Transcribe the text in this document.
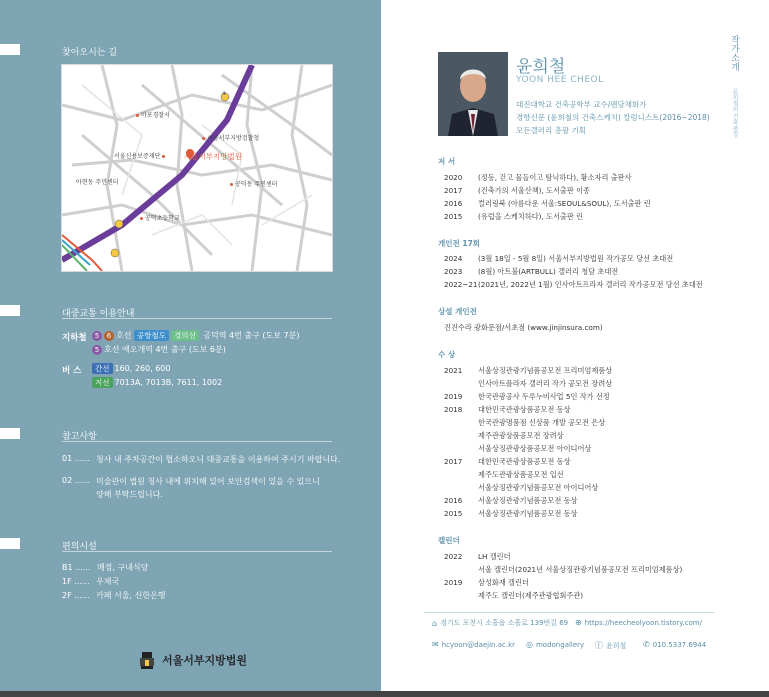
찾아오시는 길
④
마포경찰서
서울서부지방검찰청
서울신용보증재단	서울서부지방법원
아현동 주민센터	공덕동 주민센터
공덕초등학교
대중교통 이용안내
지하철	5 6 호선 공항철도 경의선 공덕역 4번 출구 (도보 7분)
5 호선 애오개역 4번 출구 (도보 6분)
버 스	간선 160, 260, 600
지선 7013A, 7013B, 7611, 1002
참고사항
01 ...... 청사 내 주차공간이 협소하오니 대중교통을 이용하여 주시기 바랍니다.
02 ...... 미술관이 법원 청사 내에 위치해 있어 보안검색이 있을 수 있으니
양해 부탁드립니다.
편의시설
B1 ...... 매점, 구내식당
1F ...... 우체국
2F ...... 카페 서울, 신한은행
서울서부지방법원
작가소개
윤희철의 건축풍경
윤희철
YOON HEE CHEOL
대진대학교 건축공학부 교수/펜담채화가
경향신문 (윤희철의 건축스케치) 칼럼니스트(2016~2018)
모든갤러리 총괄 기획
저 서
2020 (정동, 걷고 물들이고 탐닉하다), 황소자리 출판사
2017 (건축가의 서울산책), 도서출판 이종
2016 컬러링북 (아름다운 서울:SEOUL&SOUL), 도서출판 린
2015 (유럽을 스케치하다), 도서출판 린
개인전 17회
2024 (3월 18일 - 5월 8일) 서울서부지방법원 작가공모 당선 초대전
2023 (8월) 아트불(ARTBULL) 갤러리 청담 초대전
2022~21 (2021년, 2022년 1월) 인사아트프라자 갤러리 작가공모전 당선 초대전
상설 개인전
진진수라 광화문점/서초점 (www.jinjinsura.com)
수 상
2021 서울상징관광기념품공모전 프리미엄제품상
인사아트플라자 갤러리 작가 공모전 장려상
2019 한국관광공사 두루누비사업 5인 작가 선정
2018 대한민국관광상품공모전 동상
한국관광명품점 신상품 개발 공모전 은상
제주관광상품공모전 장려상
서울상징관광상품공모전 아이디어상
2017 대한민국관광상품공모전 동상
제주도관광상품공모전 입선
서울상징관광기념품공모전 아이디어상
2016 서울상징관광기념품공모전 동상
2015 서울상징관광기념품공모전 동상
캘린더
2022 LH 캘린더
서울 캘린더(2021년 서울상징관광기념품공모전 프리미엄제품상)
2019 삼성화재 캘린더
제주도 캘린더(제주관광협회주관)
⌂ 경기도 포천시 소흘읍 소흘로 139번길 69 ⊕ https://heecheolyoon.tistory.com/
✉ hcyoon@daejin.ac.kr ◎ modongallery ⓕ 윤희철 ✆ 010.5337.6944
